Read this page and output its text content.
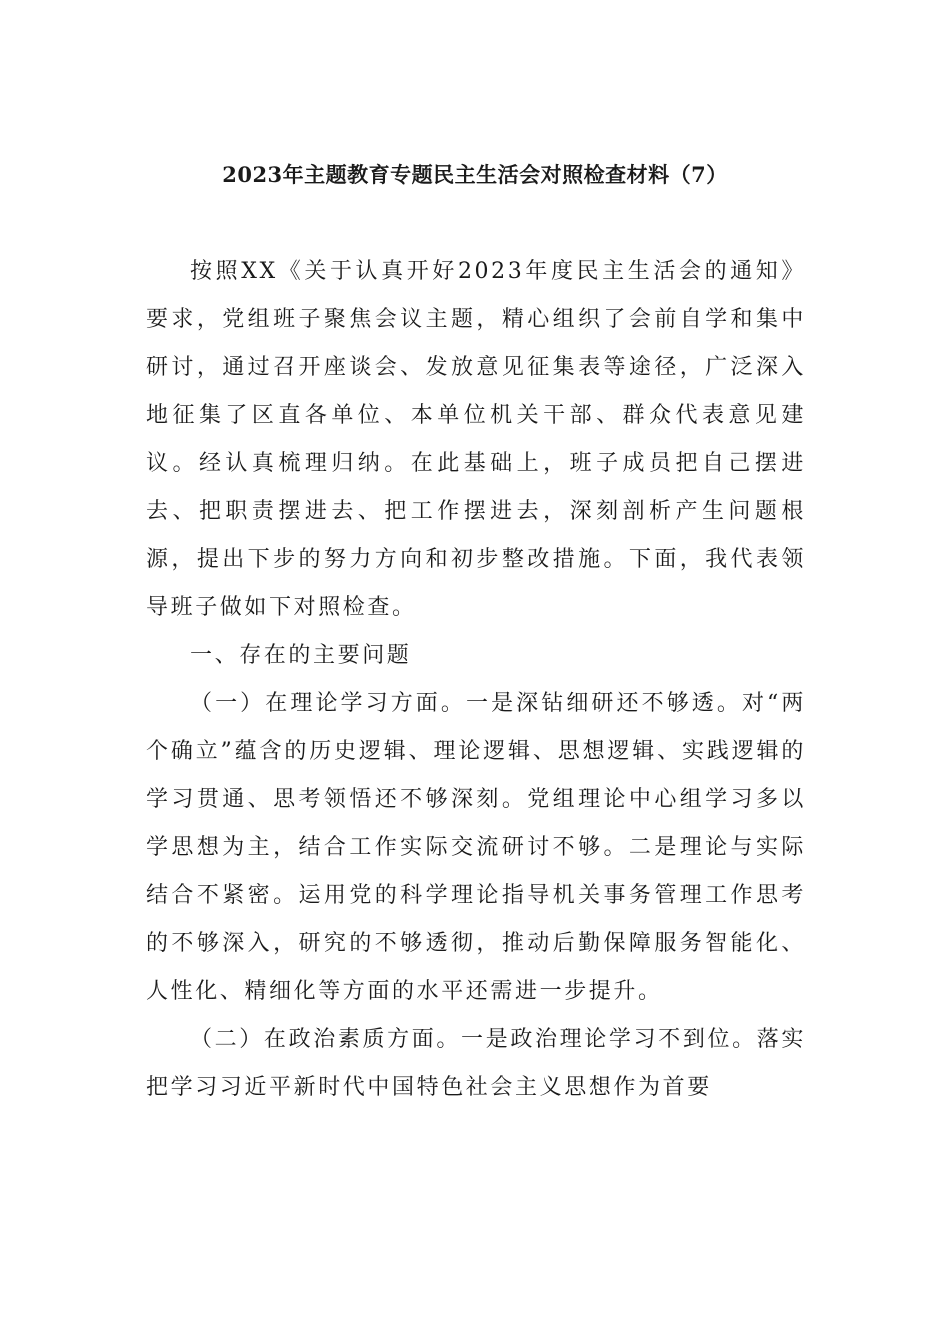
2023年主题教育专题民主生活会对照检查材料（7）

按照XX《关于认真开好2023年度民主生活会的通知》要求，党组班子聚焦会议主题，精心组织了会前自学和集中研讨，通过召开座谈会、发放意见征集表等途径，广泛深入地征集了区直各单位、本单位机关干部、群众代表意见建议。经认真梳理归纳。在此基础上，班子成员把自己摆进去、把职责摆进去、把工作摆进去，深刻剖析产生问题根源，提出下步的努力方向和初步整改措施。下面，我代表领导班子做如下对照检查。

一、存在的主要问题

（一）在理论学习方面。一是深钻细研还不够透。对“两个确立”蕴含的历史逻辑、理论逻辑、思想逻辑、实践逻辑的学习贯通、思考领悟还不够深刻。党组理论中心组学习多以学思想为主，结合工作实际交流研讨不够。二是理论与实际结合不紧密。运用党的科学理论指导机关事务管理工作思考的不够深入，研究的不够透彻，推动后勤保障服务智能化、人性化、精细化等方面的水平还需进一步提升。

（二）在政治素质方面。一是政治理论学习不到位。落实把学习习近平新时代中国特色社会主义思想作为首要
